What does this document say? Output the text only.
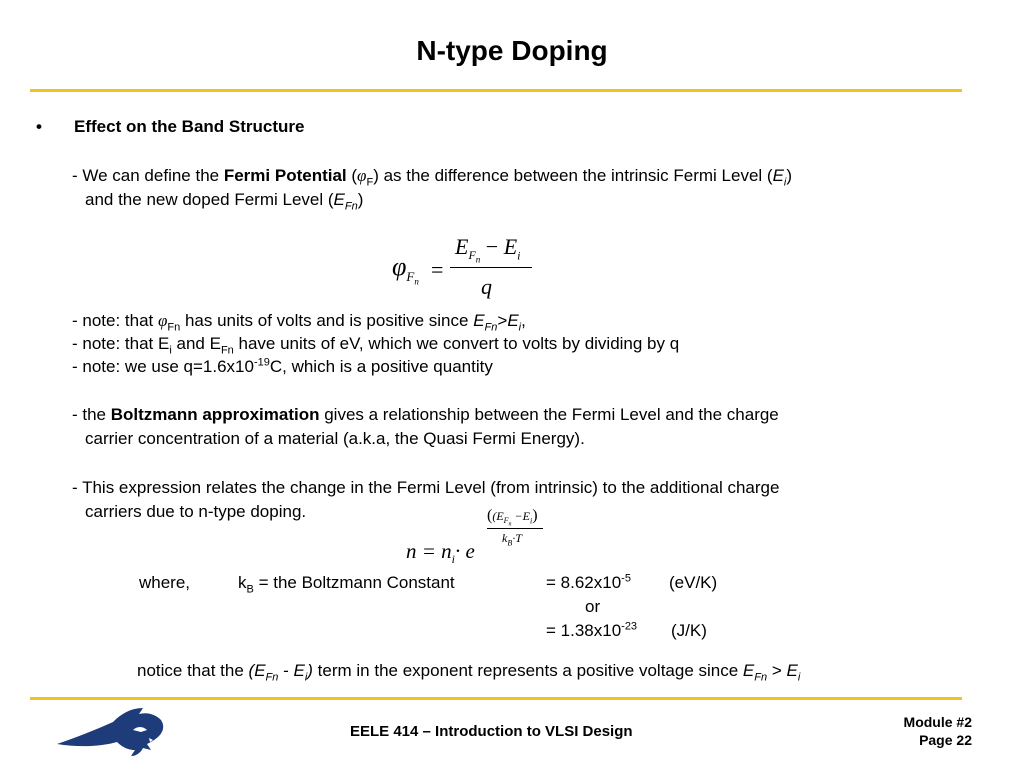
N-type Doping
• Effect on the Band Structure
- We can define the Fermi Potential $(\varphi_F)$ as the difference between the intrinsic Fermi Level $(E_i)$
and the new doped Fermi Level $(E_{Fn})$
$\varphi_{F_n}$ =
$E_{F_n} - E_i$
q
- note: that $\varphi_{Fn}$ has units of volts and is positive since $E_{Fn}>E_i$,
- note: that $E_i$ and $E_{Fn}$ have units of eV, which we convert to volts by dividing by q
- note: we use $q=1.6x10^{-19}C$, which is a positive quantity
- the Boltzmann approximation gives a relationship between the Fermi Level and the charge
carrier concentration of a material (a.k.a, the Quasi Fermi Energy).
- This expression relates the change in the Fermi Level (from intrinsic) to the additional charge
carriers due to n-type doping.	($(E_{F_n} -E_i)$
$k_B\cdot T$
$n = n_i\cdot e$
where,	$k_B$ = the Boltzmann Constant	= $8.62x10^{-5}$ (eV/K)
or
= $1.38x10^{-23}$ (J/K)
notice that the $(E_{Fn} - E_i)$ term in the exponent represents a positive voltage since $E_{Fn} > E_i$
EELE 414 – Introduction to VLSI Design
Module #2
Page 22
